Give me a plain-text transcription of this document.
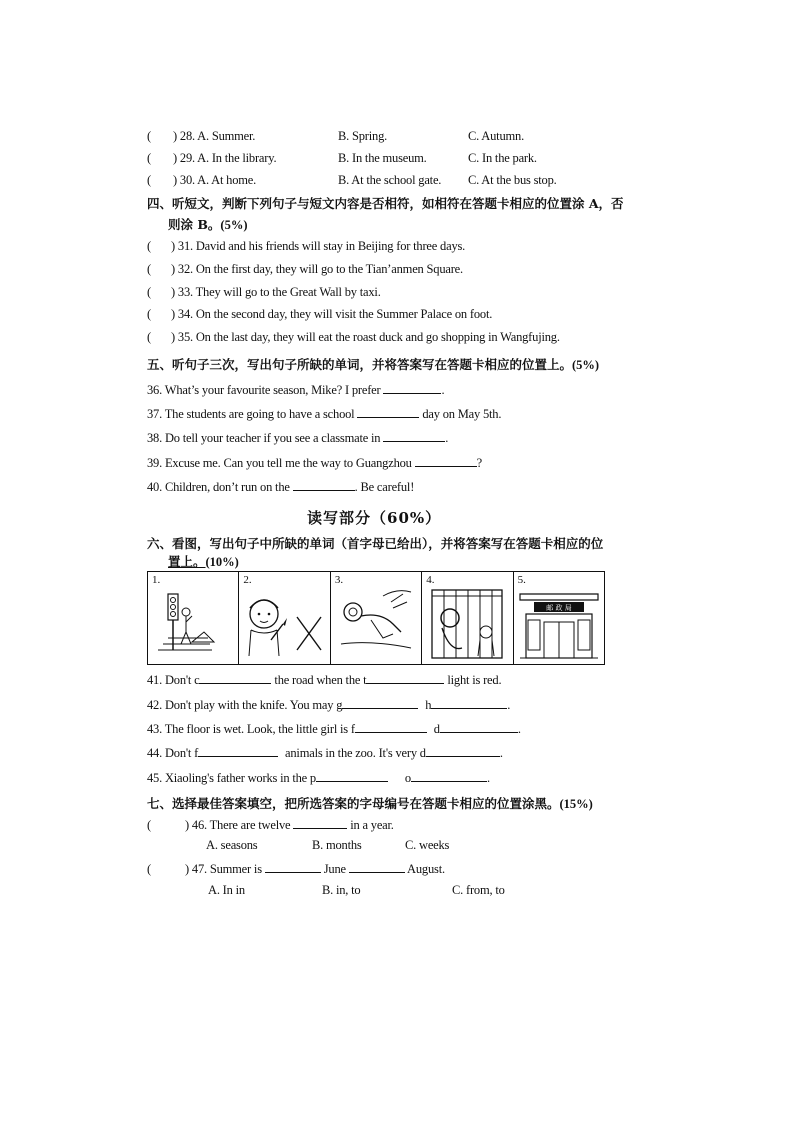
( ) 28. A. Summer.	B. Spring.	C. Autumn.
( ) 29. A. In the library.	B. In the museum.	C. In the park.
( ) 30. A. At home.	B. At the school gate. C. At the bus stop.
四、听短文，判断下列句子与短文内容是否相符，如相符在答题卡相应的位置涂 A，否
则涂 B。(5%)
( ) 31. David and his friends will stay in Beijing for three days.
( ) 32. On the first day, they will go to the Tian’anmen Square.
( ) 33. They will go to the Great Wall by taxi.
( ) 34. On the second day, they will visit the Summer Palace on foot.
( ) 35. On the last day, they will eat the roast duck and go shopping in Wangfujing.
五、听句子三次，写出句子所缺的单词，并将答案写在答题卡相应的位置上。(5%)
36. What’s your favourite season, Mike? I prefer	.
37. The students are going to have a school	day on May 5th.
38. Do tell your teacher if you see a classmate in	.
39. Excuse me. Can you tell me the way to Guangzhou	?
40. Children, don’t run on the	. Be careful!
读写部分（60%）
六、看图，写出句子中所缺的单词（首字母已给出），并将答案写在答题卡相应的位
置上。(10%)
1.	2.	3.	4.	5.
邮 政 局
41. Don't c	the road when the t	light is red.
42. Don't play with the knife. You may g	h	.
43. The floor is wet. Look, the little girl is f	d	.
44. Don't f	animals in the zoo. It's very d	.
45. Xiaoling's father works in the p	o	.
七、选择最佳答案填空，把所选答案的字母编号在答题卡相应的位置涂黑。(15%)
(	) 46. There are twelve	in a year.
A. seasons	B. months	C. weeks
(	) 47. Summer is	June	August.
A. In in	B. in, to	C. from, to
